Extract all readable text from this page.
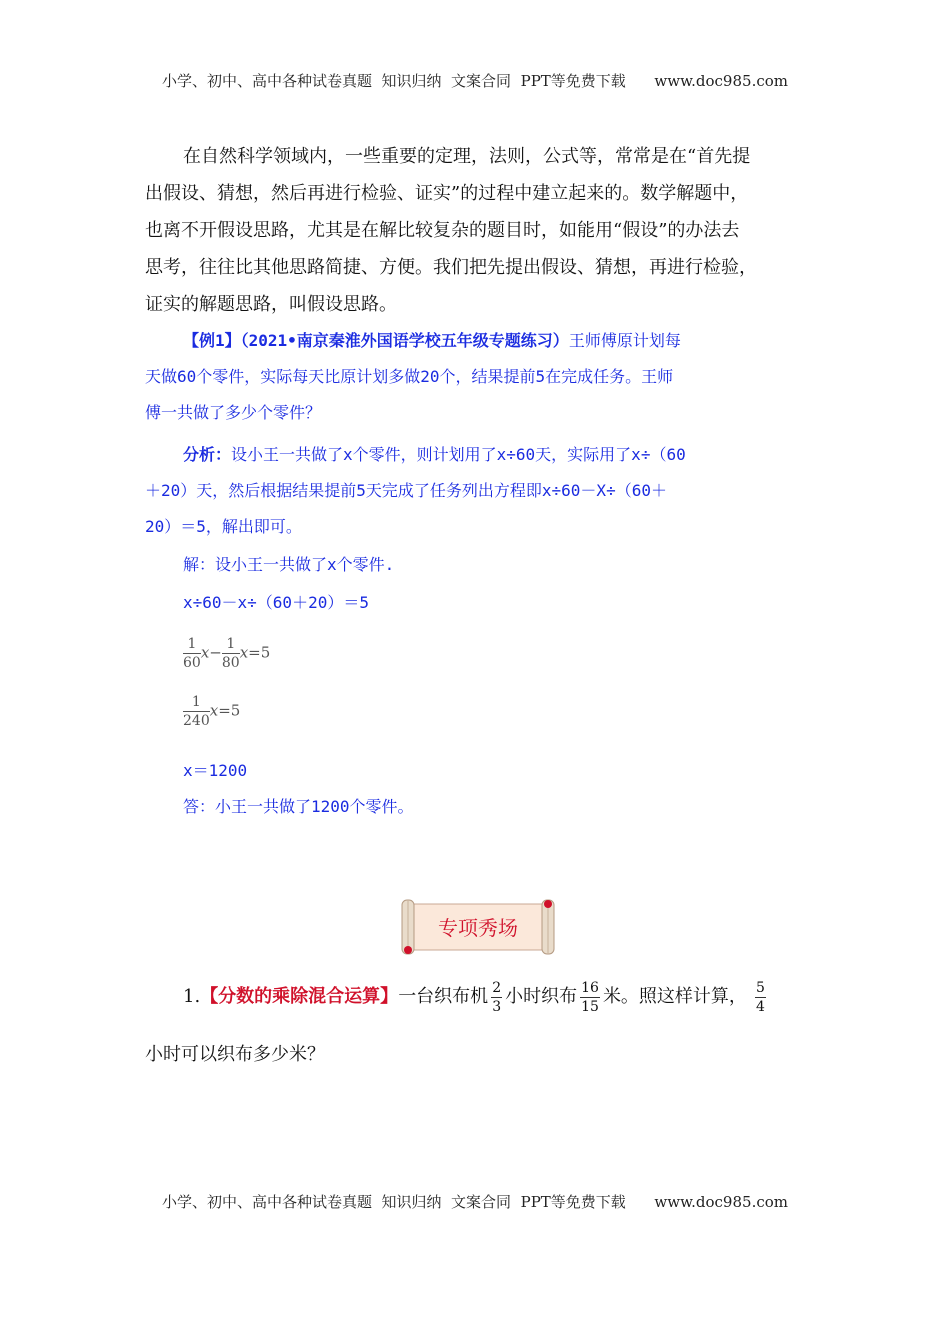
小学、初中、高中各种试卷真题  知识归纳  文案合同  PPT等免费下载      www.doc985.com

在自然科学领域内，一些重要的定理，法则，公式等，常常是在“首先提

出假设、猜想，然后再进行检验、证实”的过程中建立起来的。数学解题中，
也离不开假设思路，尤其是在解比较复杂的题目时，如能用“假设”的办法去
思考，往往比其他思路简捷、方便。我们把先提出假设、猜想，再进行检验，
证实的解题思路，叫假设思路。

【例1】（2021•南京秦淮外国语学校五年级专题练习）王师傅原计划每

天做60个零件，实际每天比原计划多做20个，结果提前5在完成任务。王师

傅一共做了多少个零件？

分析：设小王一共做了x个零件，则计划用了x÷60天，实际用了x÷（60

＋20）天，然后根据结果提前5天完成了任务列出方程即x÷60－X÷（60＋

20）＝5，解出即可。

解：设小王一共做了x个零件.
x÷60－x÷（60＋20）＝5
$\frac{1}{60} x- \frac{1}{80} x=5$
$\frac{1}{240} x=5$
x＝1200
答：小王一共做了1200个零件。
专项秀场
1.【分数的乘除混合运算】一台织布机 $\frac{2}{3}$ 小时织布 $\frac{16}{15}$ 米。照这样计算， $\frac{5}{4}$
小时可以织布多少米？
小学、初中、高中各种试卷真题  知识归纳  文案合同  PPT等免费下载      www.doc985.com
